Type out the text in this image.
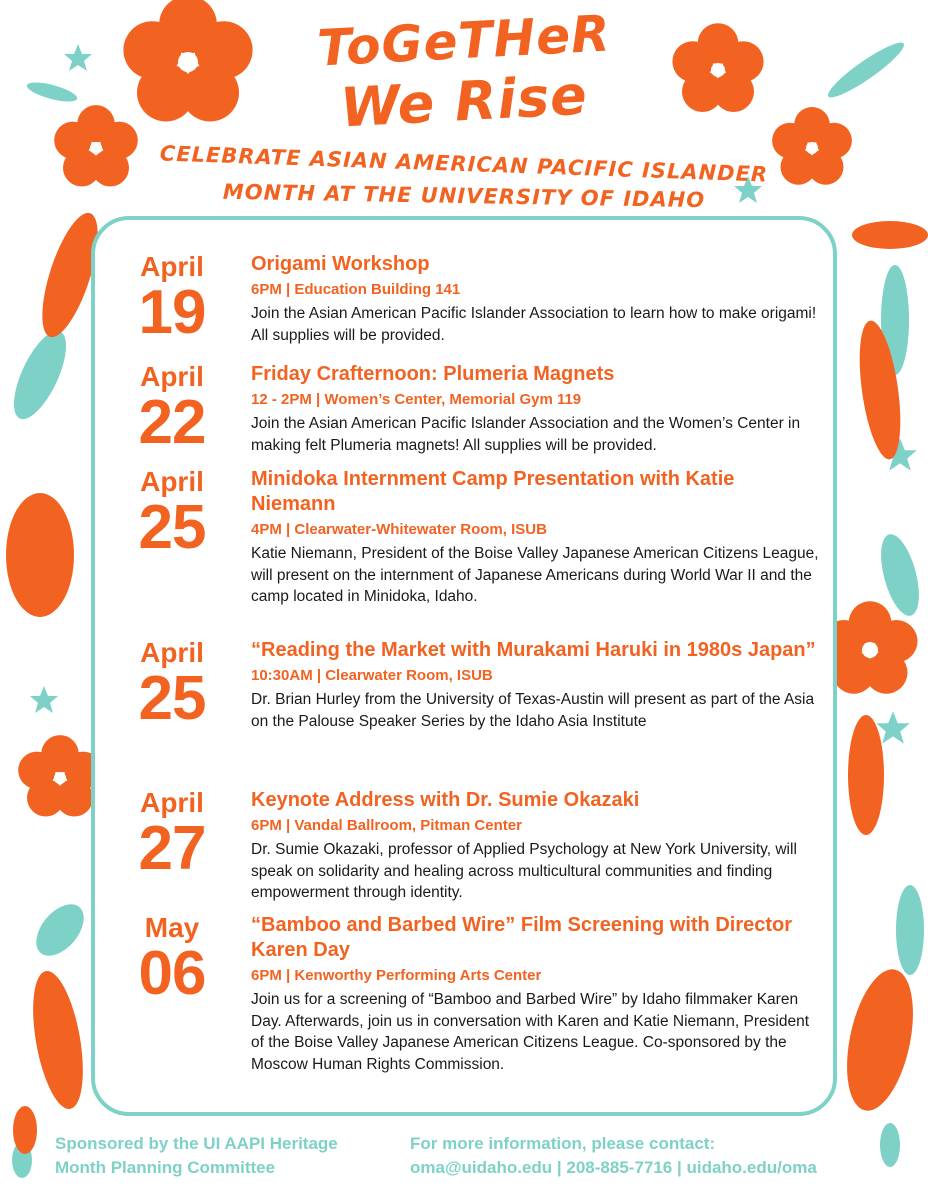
ToGeTHeR
We Rise
CELEBRATE ASIAN AMERICAN PACIFIC ISLANDER
MONTH AT THE UNIVERSITY OF IDAHO
April
19
Origami Workshop
6PM | Education Building 141
Join the Asian American Pacific Islander Association to learn how to make origami! All supplies will be provided.
April
22
Friday Crafternoon: Plumeria Magnets
12 - 2PM | Women’s Center, Memorial Gym 119
Join the Asian American Pacific Islander Association and the Women’s Center in making felt Plumeria magnets! All supplies will be provided.
April
25
Minidoka Internment Camp Presentation with Katie Niemann
4PM | Clearwater-Whitewater Room, ISUB
Katie Niemann, President of the Boise Valley Japanese American Citizens League, will present on the internment of Japanese Americans during World War II and the camp located in Minidoka, Idaho.
April
25
“Reading the Market with Murakami Haruki in 1980s Japan”
10:30AM | Clearwater Room, ISUB
Dr. Brian Hurley from the University of Texas-Austin will present as part of the Asia on the Palouse Speaker Series by the Idaho Asia Institute
April
27
Keynote Address with Dr. Sumie Okazaki
6PM | Vandal Ballroom, Pitman Center
Dr. Sumie Okazaki, professor of Applied Psychology at New York University, will speak on solidarity and healing across multicultural communities and finding empowerment through identity.
May
06
“Bamboo and Barbed Wire” Film Screening with Director Karen Day
6PM | Kenworthy Performing Arts Center
Join us for a screening of “Bamboo and Barbed Wire” by Idaho filmmaker Karen Day. Afterwards, join us in conversation with Karen and Katie Niemann, President of the Boise Valley Japanese American Citizens League. Co-sponsored by the Moscow Human Rights Commission.
Sponsored by the UI AAPI Heritage
Month Planning Committee
For more information, please contact:
oma@uidaho.edu | 208-885-7716 | uidaho.edu/oma
